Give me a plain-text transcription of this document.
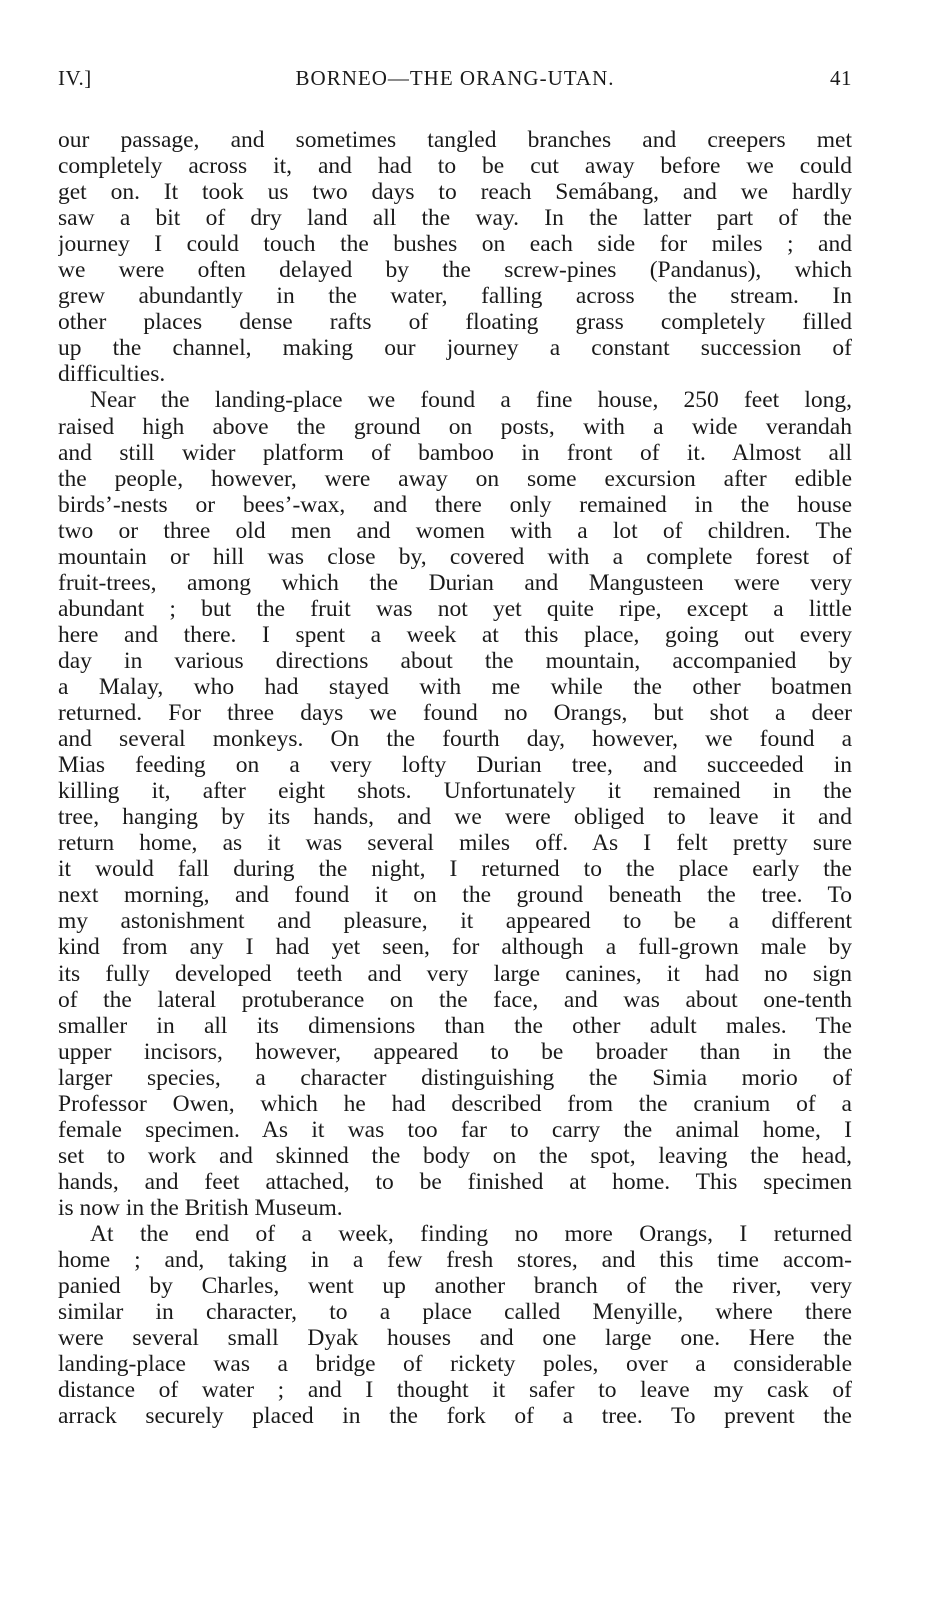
IV.]	BORNEO—THE ORANG-UTAN.	41
our passage, and sometimes tangled branches and creepers met
completely across it, and had to be cut away before we could
get on. It took us two days to reach Semábang, and we hardly
saw a bit of dry land all the way. In the latter part of the
journey I could touch the bushes on each side for miles ; and
we were often delayed by the screw-pines (Pandanus), which
grew abundantly in the water, falling across the stream. In
other places dense rafts of floating grass completely filled
up the channel, making our journey a constant succession of
difficulties.
Near the landing-place we found a fine house, 250 feet long,
raised high above the ground on posts, with a wide verandah
and still wider platform of bamboo in front of it. Almost all
the people, however, were away on some excursion after edible
birds’-nests or bees’-wax, and there only remained in the house
two or three old men and women with a lot of children. The
mountain or hill was close by, covered with a complete forest of
fruit-trees, among which the Durian and Mangusteen were very
abundant ; but the fruit was not yet quite ripe, except a little
here and there. I spent a week at this place, going out every
day in various directions about the mountain, accompanied by
a Malay, who had stayed with me while the other boatmen
returned. For three days we found no Orangs, but shot a deer
and several monkeys. On the fourth day, however, we found a
Mias feeding on a very lofty Durian tree, and succeeded in
killing it, after eight shots. Unfortunately it remained in the
tree, hanging by its hands, and we were obliged to leave it and
return home, as it was several miles off. As I felt pretty sure
it would fall during the night, I returned to the place early the
next morning, and found it on the ground beneath the tree. To
my astonishment and pleasure, it appeared to be a different
kind from any I had yet seen, for although a full-grown male by
its fully developed teeth and very large canines, it had no sign
of the lateral protuberance on the face, and was about one-tenth
smaller in all its dimensions than the other adult males. The
upper incisors, however, appeared to be broader than in the
larger species, a character distinguishing the Simia morio of
Professor Owen, which he had described from the cranium of a
female specimen. As it was too far to carry the animal home, I
set to work and skinned the body on the spot, leaving the head,
hands, and feet attached, to be finished at home. This specimen
is now in the British Museum.
At the end of a week, finding no more Orangs, I returned
home ; and, taking in a few fresh stores, and this time accom-
panied by Charles, went up another branch of the river, very
similar in character, to a place called Menyille, where there
were several small Dyak houses and one large one. Here the
landing-place was a bridge of rickety poles, over a considerable
distance of water ; and I thought it safer to leave my cask of
arrack securely placed in the fork of a tree. To prevent the
